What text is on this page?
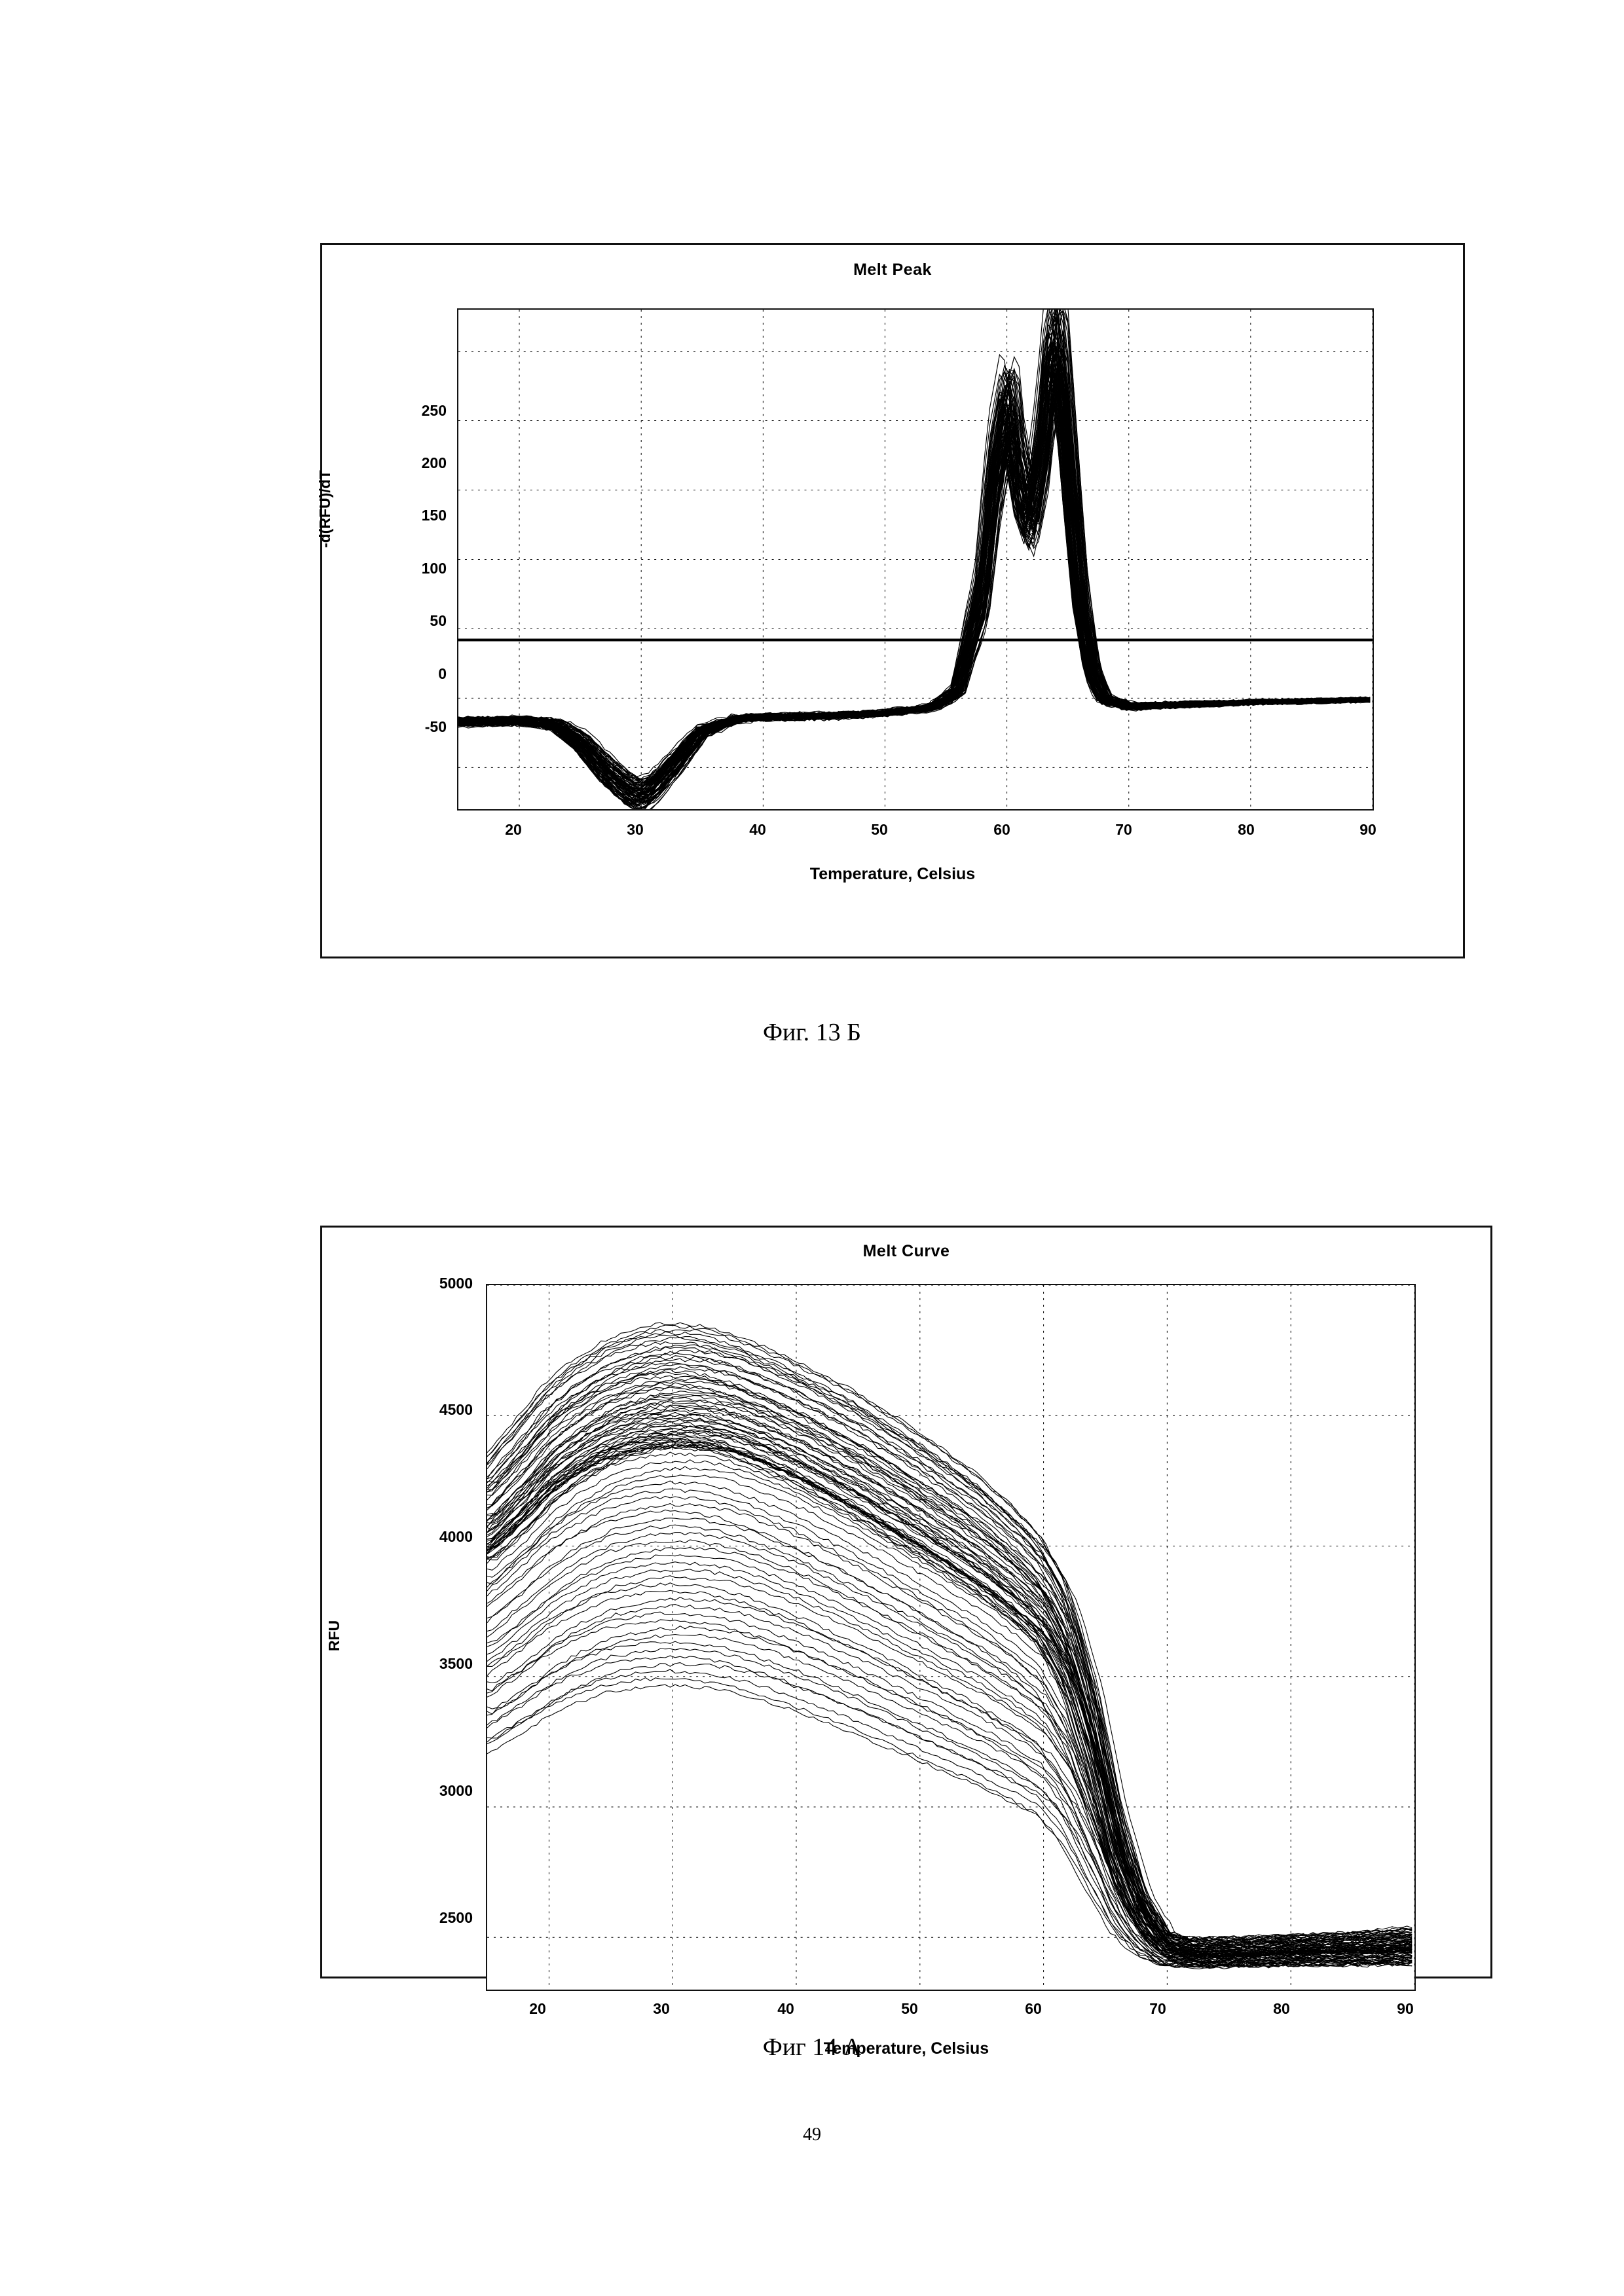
Melt Peak
-d(RFU)/dT
250
200
150
100
50
0
-50
20	30	40	50	60	70	80	90
Temperature, Celsius
Фиг. 13 Б
Melt Curve
RFU
5000
4500
4000
3500
3000
2500
20	30	40	50	60	70	80	90
Temperature, Celsius
Фиг 14 А
49
